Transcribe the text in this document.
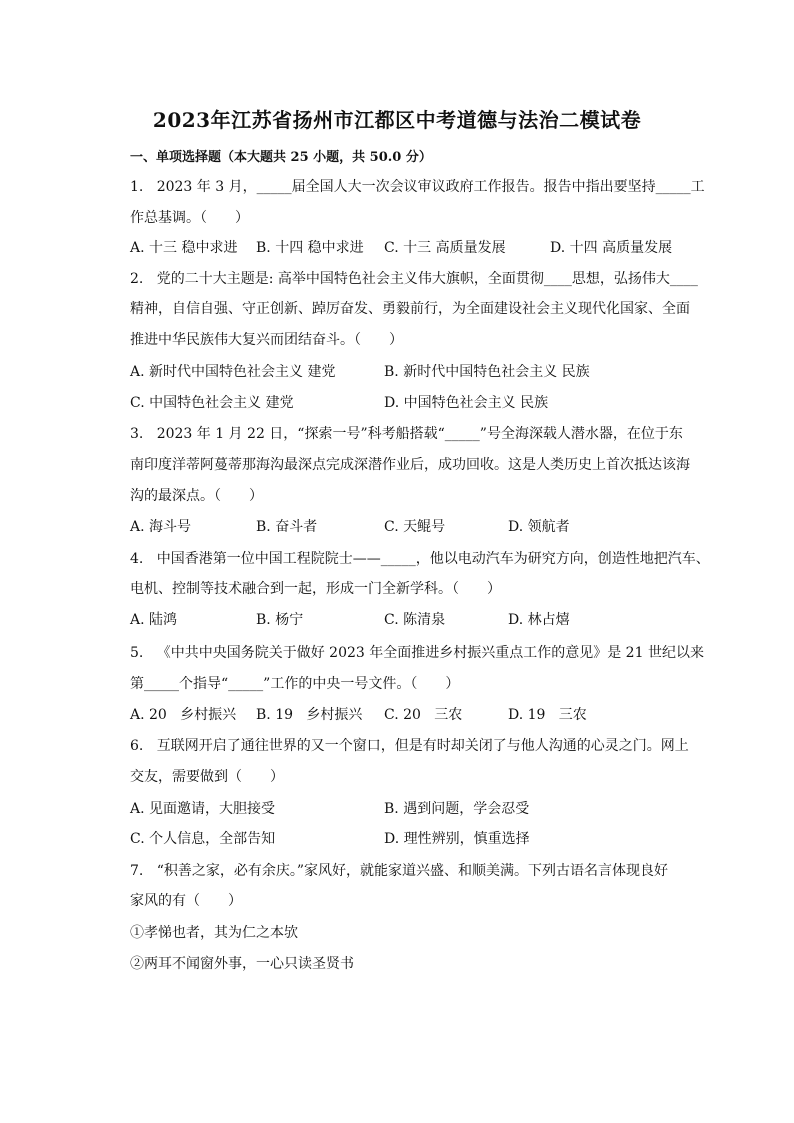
2023年江苏省扬州市江都区中考道德与法治二模试卷
一、单项选择题（本大题共 25 小题，共 50.0 分）
1.   2023 年 3 月，_____届全国人大一次会议审议政府工作报告。报告中指出要坚持_____工
作总基调。（　　）
A. 十三 稳中求进 B. 十四 稳中求进 C. 十三 高质量发展	D. 十四 高质量发展
2.   党的二十大主题是: 高举中国特色社会主义伟大旗帜，全面贯彻____思想，弘扬伟大____
精神，自信自强、守正创新、踔厉奋发、勇毅前行，为全面建设社会主义现代化国家、全面
推进中华民族伟大复兴而团结奋斗。（　　）
A. 新时代中国特色社会主义 建党	B. 新时代中国特色社会主义 民族
C. 中国特色社会主义 建党	D. 中国特色社会主义 民族
3.   2023 年 1 月 22 日，“探索一号”科考船搭载“_____”号全海深载人潜水器，在位于东
南印度洋蒂阿蔓蒂那海沟最深点完成深潜作业后，成功回收。这是人类历史上首次抵达该海
沟的最深点。（　　）
A. 海斗号	B. 奋斗者	C. 天鲲号	D. 领航者
4.   中国香港第一位中国工程院院士——_____，他以电动汽车为研究方向，创造性地把汽车、
电机、控制等技术融合到一起，形成一门全新学科。（　　）
A. 陆鸿	B. 杨宁	C. 陈清泉	D. 林占熺
5.   《中共中央国务院关于做好 2023 年全面推进乡村振兴重点工作的意见》是 21 世纪以来
第_____个指导“_____”工作的中央一号文件。（　　）
A. 20   乡村振兴 B. 19   乡村振兴 C. 20   三农	D. 19   三农
6.   互联网开启了通往世界的又一个窗口，但是有时却关闭了与他人沟通的心灵之门。网上
交友，需要做到（　　）
A. 见面邀请，大胆接受	B. 遇到问题，学会忍受
C. 个人信息，全部告知	D. 理性辨别，慎重选择
7.   “积善之家，必有余庆。”家风好，就能家道兴盛、和顺美满。下列古语名言体现良好
家风的有（　　）
①孝悌也者，其为仁之本欤
②两耳不闻窗外事，一心只读圣贤书
